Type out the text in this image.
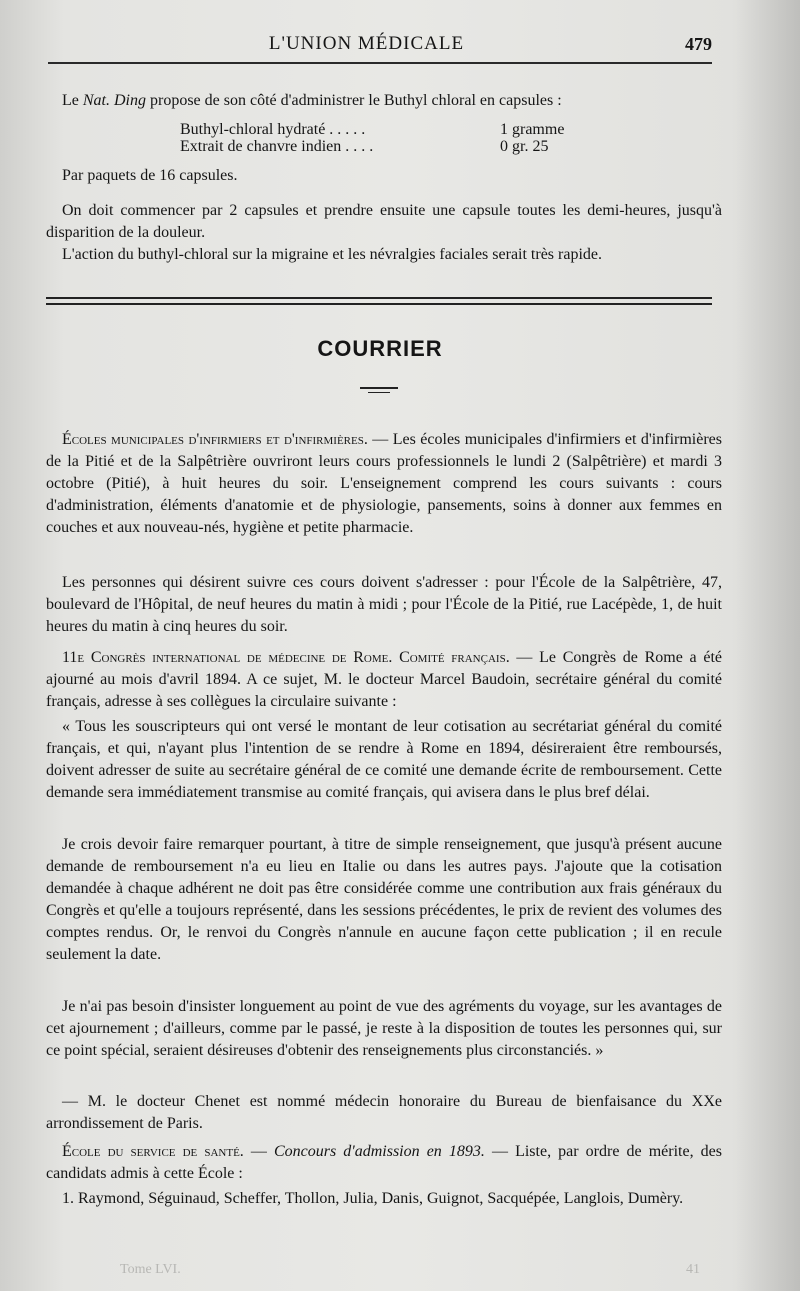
L'UNION MÉDICALE	479

Le Nat. Ding propose de son côté d'administrer le Buthyl chloral en capsules :

Buthyl-chloral hydraté . . . . .	1 gramme
Extrait de chanvre indien . . . .	0 gr. 25

Par paquets de 16 capsules.

On doit commencer par 2 capsules et prendre ensuite une capsule toutes les demi-heures, jusqu'à disparition de la douleur.

L'action du buthyl-chloral sur la migraine et les névralgies faciales serait très rapide.

COURRIER

Écoles municipales d'infirmiers et d'infirmières. — Les écoles municipales d'infirmiers et d'infirmières de la Pitié et de la Salpêtrière ouvriront leurs cours professionnels le lundi 2 (Salpêtrière) et mardi 3 octobre (Pitié), à huit heures du soir. L'enseignement comprend les cours suivants : cours d'administration, éléments d'anatomie et de physiologie, pansements, soins à donner aux femmes en couches et aux nouveau-nés, hygiène et petite pharmacie.

Les personnes qui désirent suivre ces cours doivent s'adresser : pour l'École de la Salpêtrière, 47, boulevard de l'Hôpital, de neuf heures du matin à midi ; pour l'École de la Pitié, rue Lacépède, 1, de huit heures du matin à cinq heures du soir.

11e Congrès international de médecine de Rome. Comité français. — Le Congrès de Rome a été ajourné au mois d'avril 1894. A ce sujet, M. le docteur Marcel Baudoin, secrétaire général du comité français, adresse à ses collègues la circulaire suivante :

« Tous les souscripteurs qui ont versé le montant de leur cotisation au secrétariat général du comité français, et qui, n'ayant plus l'intention de se rendre à Rome en 1894, désireraient être remboursés, doivent adresser de suite au secrétaire général de ce comité une demande écrite de remboursement. Cette demande sera immédiatement transmise au comité français, qui avisera dans le plus bref délai.

Je crois devoir faire remarquer pourtant, à titre de simple renseignement, que jusqu'à présent aucune demande de remboursement n'a eu lieu en Italie ou dans les autres pays. J'ajoute que la cotisation demandée à chaque adhérent ne doit pas être considérée comme une contribution aux frais généraux du Congrès et qu'elle a toujours représenté, dans les sessions précédentes, le prix de revient des volumes des comptes rendus. Or, le renvoi du Congrès n'annule en aucune façon cette publication ; il en recule seulement la date.

Je n'ai pas besoin d'insister longuement au point de vue des agréments du voyage, sur les avantages de cet ajournement ; d'ailleurs, comme par le passé, je reste à la disposition de toutes les personnes qui, sur ce point spécial, seraient désireuses d'obtenir des renseignements plus circonstanciés. »

— M. le docteur Chenet est nommé médecin honoraire du Bureau de bienfaisance du XXe arrondissement de Paris.

École du service de santé. — Concours d'admission en 1893. — Liste, par ordre de mérite, des candidats admis à cette École :

1. Raymond, Séguinaud, Scheffer, Thollon, Julia, Danis, Guignot, Sacquépée, Langlois, Dumèry.

Tome LVI.	41
